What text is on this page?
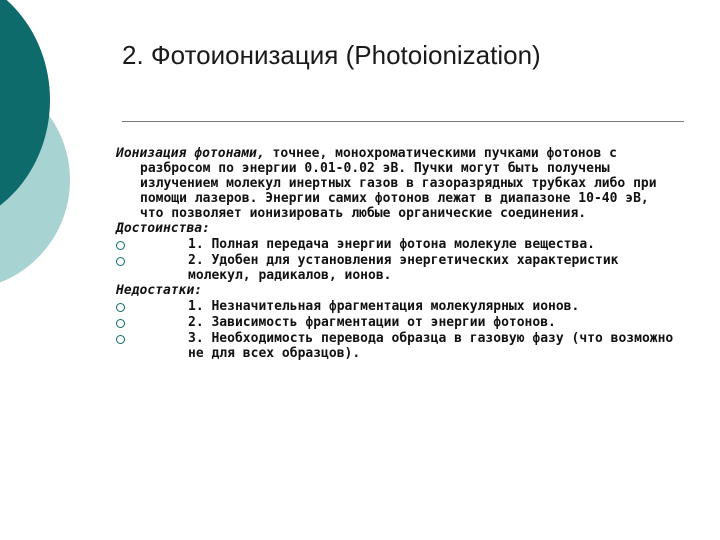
2. Фотоионизация (Photoionization)

Ионизация фотонами, точнее, монохроматическими пучками фотонов с разбросом по энергии 0.01-0.02 эВ. Пучки могут быть получены излучением молекул инертных газов в газоразрядных трубках либо при помощи лазеров. Энергии самих фотонов лежат в диапазоне 10-40 эВ, что позволяет ионизировать любые органические соединения.

Достоинства:

1. Полная передача энергии фотона молекуле вещества.
2. Удобен для установления энергетических характеристик молекул, радикалов, ионов.

Недостатки:

1. Незначительная фрагментация молекулярных ионов.
2. Зависимость фрагментации от энергии фотонов.
3. Необходимость перевода образца в газовую фазу (что возможно не для всех образцов).
